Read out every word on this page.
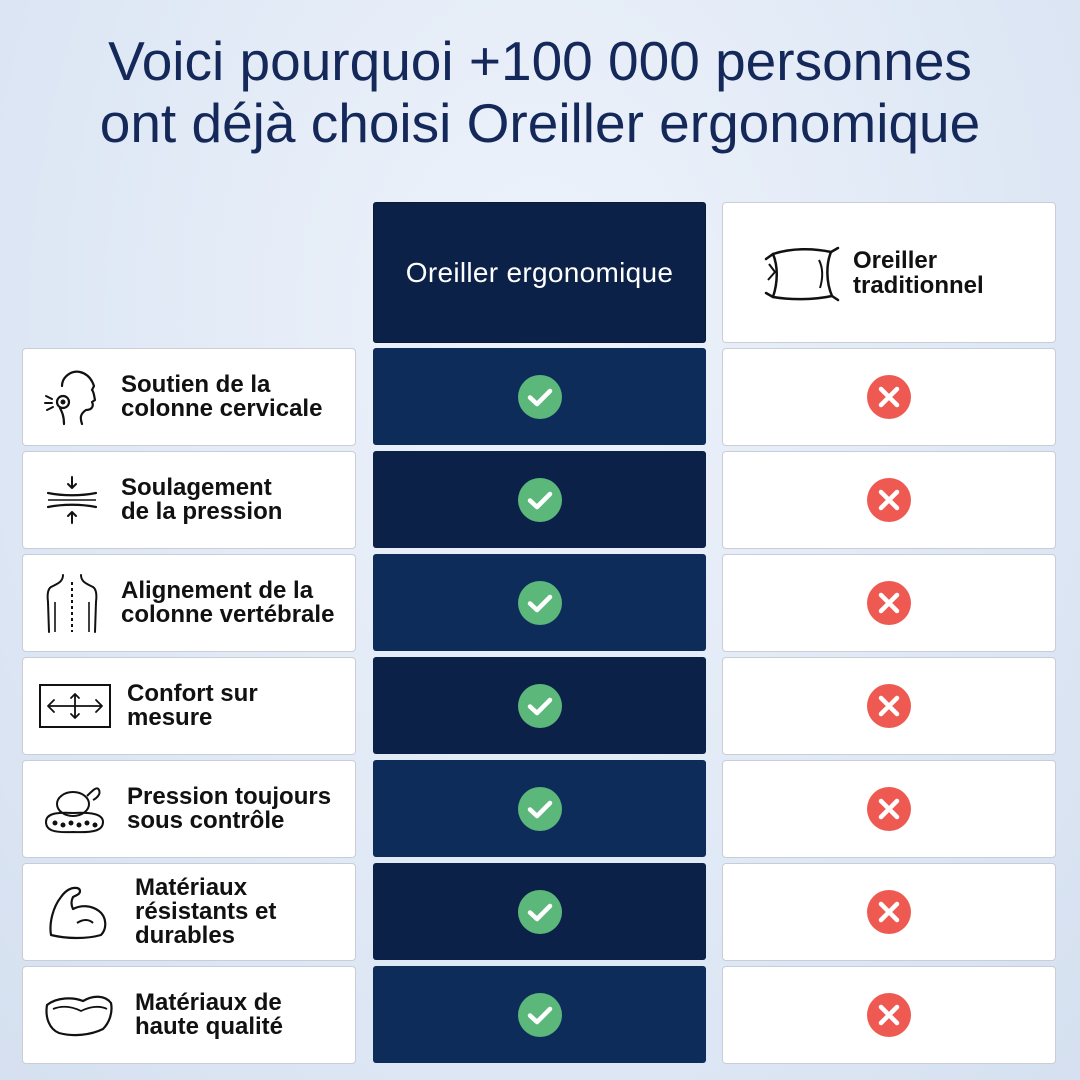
Voici pourquoi +100 000 personnes
ont déjà choisi Oreiller ergonomique
Oreiller ergonomique	Oreiller
traditionnel
Soutien de la
colonne cervicale
Soulagement
de la pression
Alignement de la
colonne vertébrale
Confort sur
mesure
Pression toujours
sous contrôle
Matériaux
résistants et
durables
Matériaux de
haute qualité
